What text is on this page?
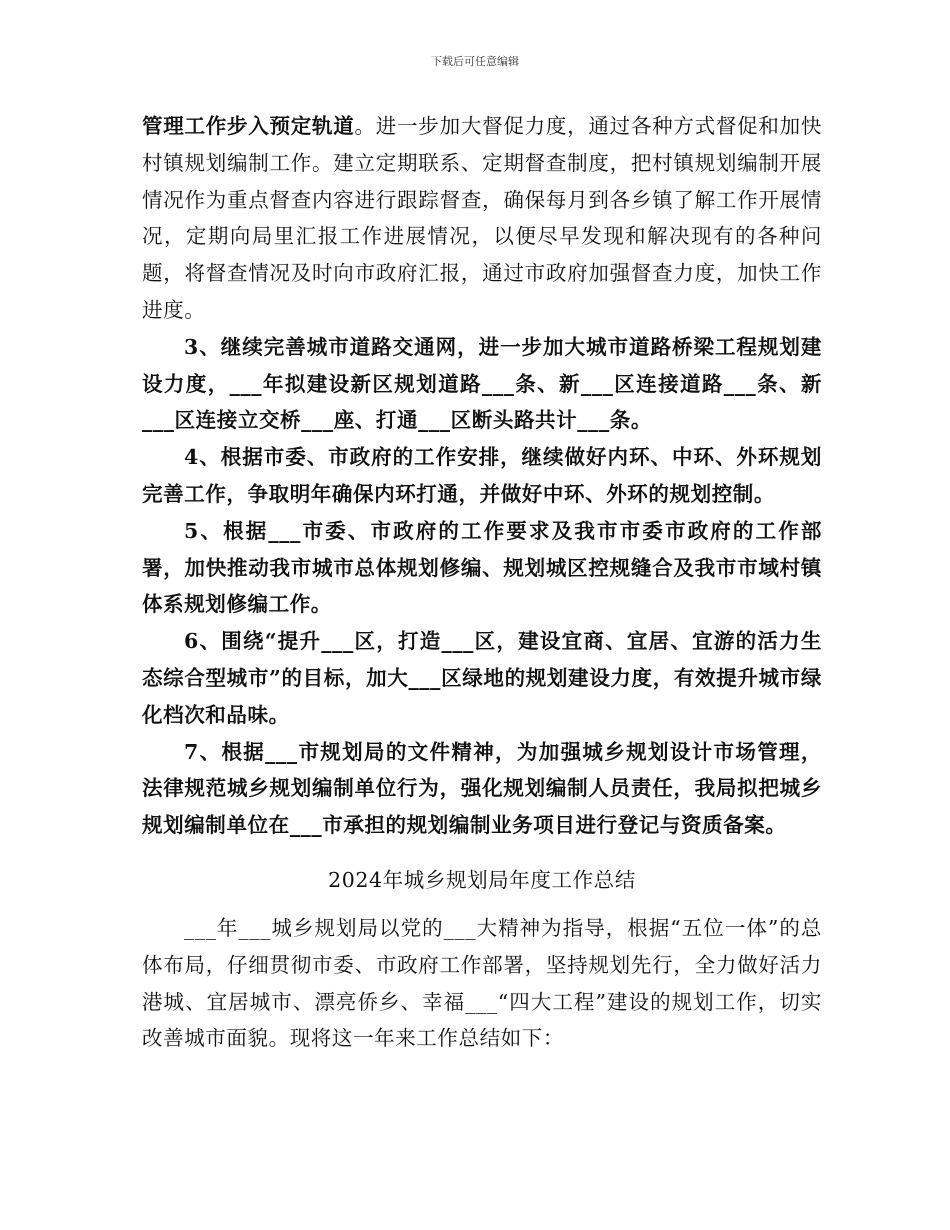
下载后可任意编辑

管理工作步入预定轨道。进一步加大督促力度，通过各种方式督促和加快村镇规划编制工作。建立定期联系、定期督查制度，把村镇规划编制开展情况作为重点督查内容进行跟踪督查，确保每月到各乡镇了解工作开展情况，定期向局里汇报工作进展情况，以便尽早发现和解决现有的各种问题，将督查情况及时向市政府汇报，通过市政府加强督查力度，加快工作进度。

3、继续完善城市道路交通网，进一步加大城市道路桥梁工程规划建设力度，___年拟建设新区规划道路___条、新___区连接道路___条、新___区连接立交桥___座、打通___区断头路共计___条。

4、根据市委、市政府的工作安排，继续做好内环、中环、外环规划完善工作，争取明年确保内环打通，并做好中环、外环的规划控制。

5、根据___市委、市政府的工作要求及我市市委市政府的工作部署，加快推动我市城市总体规划修编、规划城区控规缝合及我市市域村镇体系规划修编工作。

6、围绕“提升___区，打造___区，建设宜商、宜居、宜游的活力生态综合型城市”的目标，加大___区绿地的规划建设力度，有效提升城市绿化档次和品味。

7、根据___市规划局的文件精神，为加强城乡规划设计市场管理，法律规范城乡规划编制单位行为，强化规划编制人员责任，我局拟把城乡规划编制单位在___市承担的规划编制业务项目进行登记与资质备案。

2024年城乡规划局年度工作总结

___年___城乡规划局以党的___大精神为指导，根据“五位一体”的总体布局，仔细贯彻市委、市政府工作部署，坚持规划先行，全力做好活力港城、宜居城市、漂亮侨乡、幸福___“四大工程”建设的规划工作，切实改善城市面貌。现将这一年来工作总结如下：
